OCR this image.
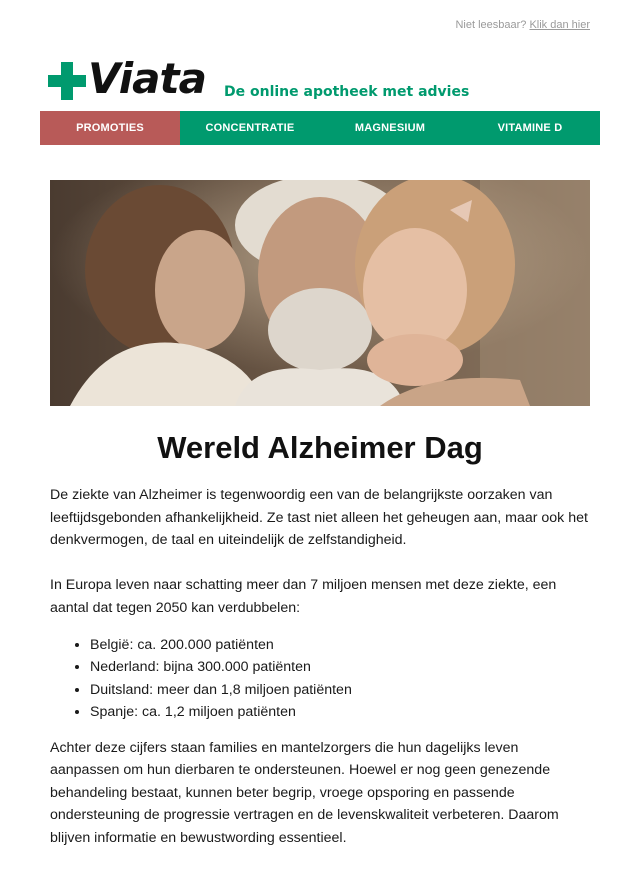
Niet leesbaar? Klik dan hier
Viata De online apotheek met advies
PROMOTIES	CONCENTRATIE	MAGNESIUM	VITAMINE D
Wereld Alzheimer Dag

De ziekte van Alzheimer is tegenwoordig een van de belangrijkste oorzaken van leeftijdsgebonden afhankelijkheid. Ze tast niet alleen het geheugen aan, maar ook het denkvermogen, de taal en uiteindelijk de zelfstandigheid.

In Europa leven naar schatting meer dan 7 miljoen mensen met deze ziekte, een aantal dat tegen 2050 kan verdubbelen:

• België: ca. 200.000 patiënten
• Nederland: bijna 300.000 patiënten
• Duitsland: meer dan 1,8 miljoen patiënten
• Spanje: ca. 1,2 miljoen patiënten

Achter deze cijfers staan families en mantelzorgers die hun dagelijks leven aanpassen om hun dierbaren te ondersteunen. Hoewel er nog geen genezende behandeling bestaat, kunnen beter begrip, vroege opsporing en passende ondersteuning de progressie vertragen en de levenskwaliteit verbeteren. Daarom blijven informatie en bewustwording essentieel.
